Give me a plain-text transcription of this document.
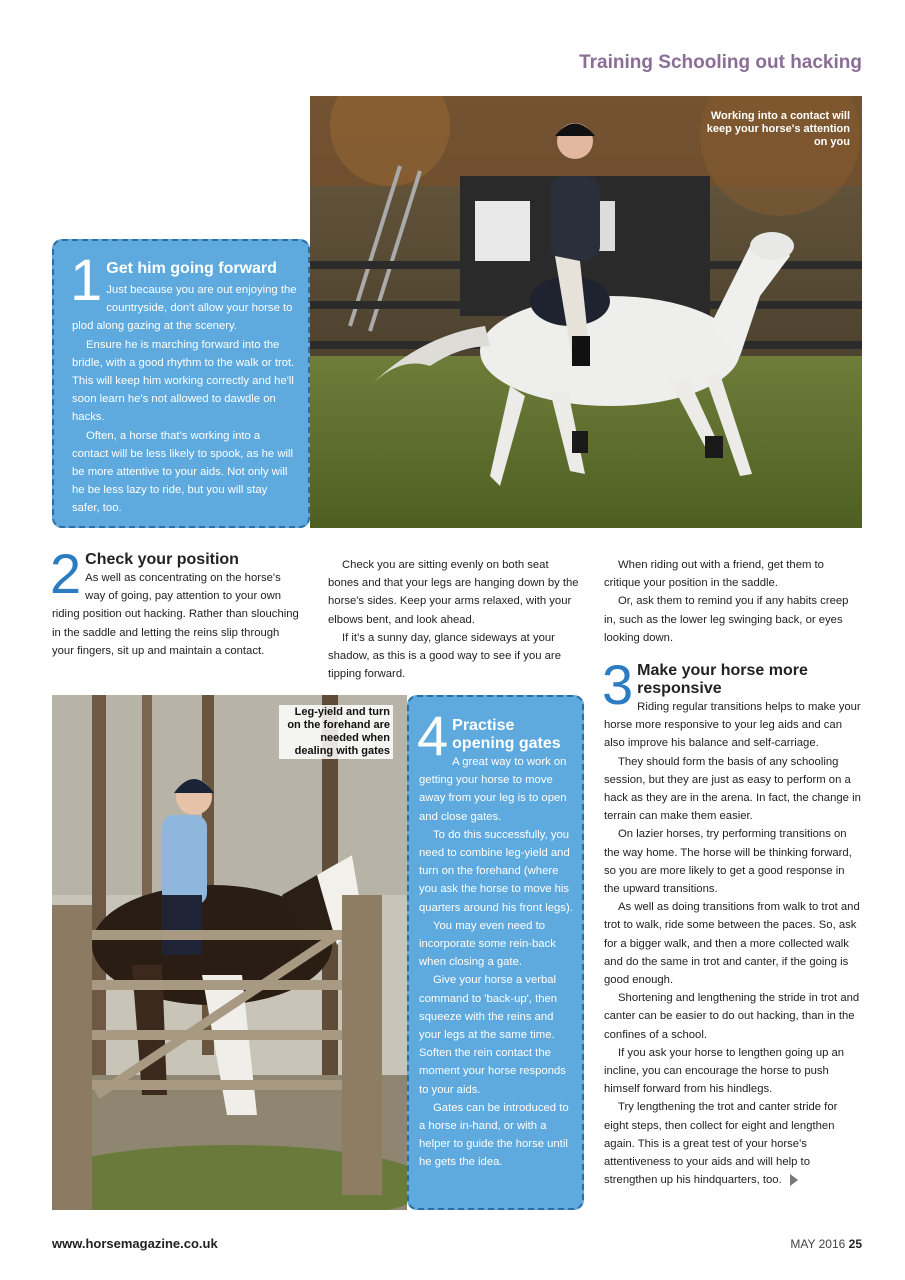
Training Schooling out hacking
Working into a contact will keep your horse's attention on you
1 Get him going forward

Just because you are out enjoying the countryside, don't allow your horse to plod along gazing at the scenery.

Ensure he is marching forward into the bridle, with a good rhythm to the walk or trot. This will keep him working correctly and he'll soon learn he's not allowed to dawdle on hacks.

Often, a horse that's working into a contact will be less likely to spook, as he will be more attentive to your aids. Not only will he be less lazy to ride, but you will stay safer, too.

2 Check your position

As well as concentrating on the horse's way of going, pay attention to your own riding position out hacking. Rather than slouching in the saddle and letting the reins slip through your fingers, sit up and maintain a contact.

Check you are sitting evenly on both seat bones and that your legs are hanging down by the horse's sides. Keep your arms relaxed, with your elbows bent, and look ahead.

If it's a sunny day, glance sideways at your shadow, as this is a good way to see if you are tipping forward.

When riding out with a friend, get them to critique your position in the saddle.

Or, ask them to remind you if any habits creep in, such as the lower leg swinging back, or eyes looking down.

3 Make your horse more responsive

Riding regular transitions helps to make your horse more responsive to your leg aids and can also improve his balance and self-carriage.

They should form the basis of any schooling session, but they are just as easy to perform on a hack as they are in the arena. In fact, the change in terrain can make them easier.

On lazier horses, try performing transitions on the way home. The horse will be thinking forward, so you are more likely to get a good response in the upward transitions.

As well as doing transitions from walk to trot and trot to walk, ride some between the paces. So, ask for a bigger walk, and then a more collected walk and do the same in trot and canter, if the going is good enough.

Shortening and lengthening the stride in trot and canter can be easier to do out hacking, than in the confines of a school.

If you ask your horse to lengthen going up an incline, you can encourage the horse to push himself forward from his hindlegs.

Try lengthening the trot and canter stride for eight steps, then collect for eight and lengthen again. This is a great test of your horse's attentiveness to your aids and will help to strengthen up his hindquarters, too.

Leg-yield and turn on the forehand are needed when dealing with gates 4 Practise opening gates

A great way to work on getting your horse to move away from your leg is to open and close gates.

To do this successfully, you need to combine leg-yield and turn on the forehand (where you ask the horse to move his quarters around his front legs).

You may even need to incorporate some rein-back when closing a gate.

Give your horse a verbal command to 'back-up', then squeeze with the reins and your legs at the same time. Soften the rein contact the moment your horse responds to your aids.

Gates can be introduced to a horse in-hand, or with a helper to guide the horse until he gets the idea.

www.horsemagazine.co.uk	MAY 2016 25
